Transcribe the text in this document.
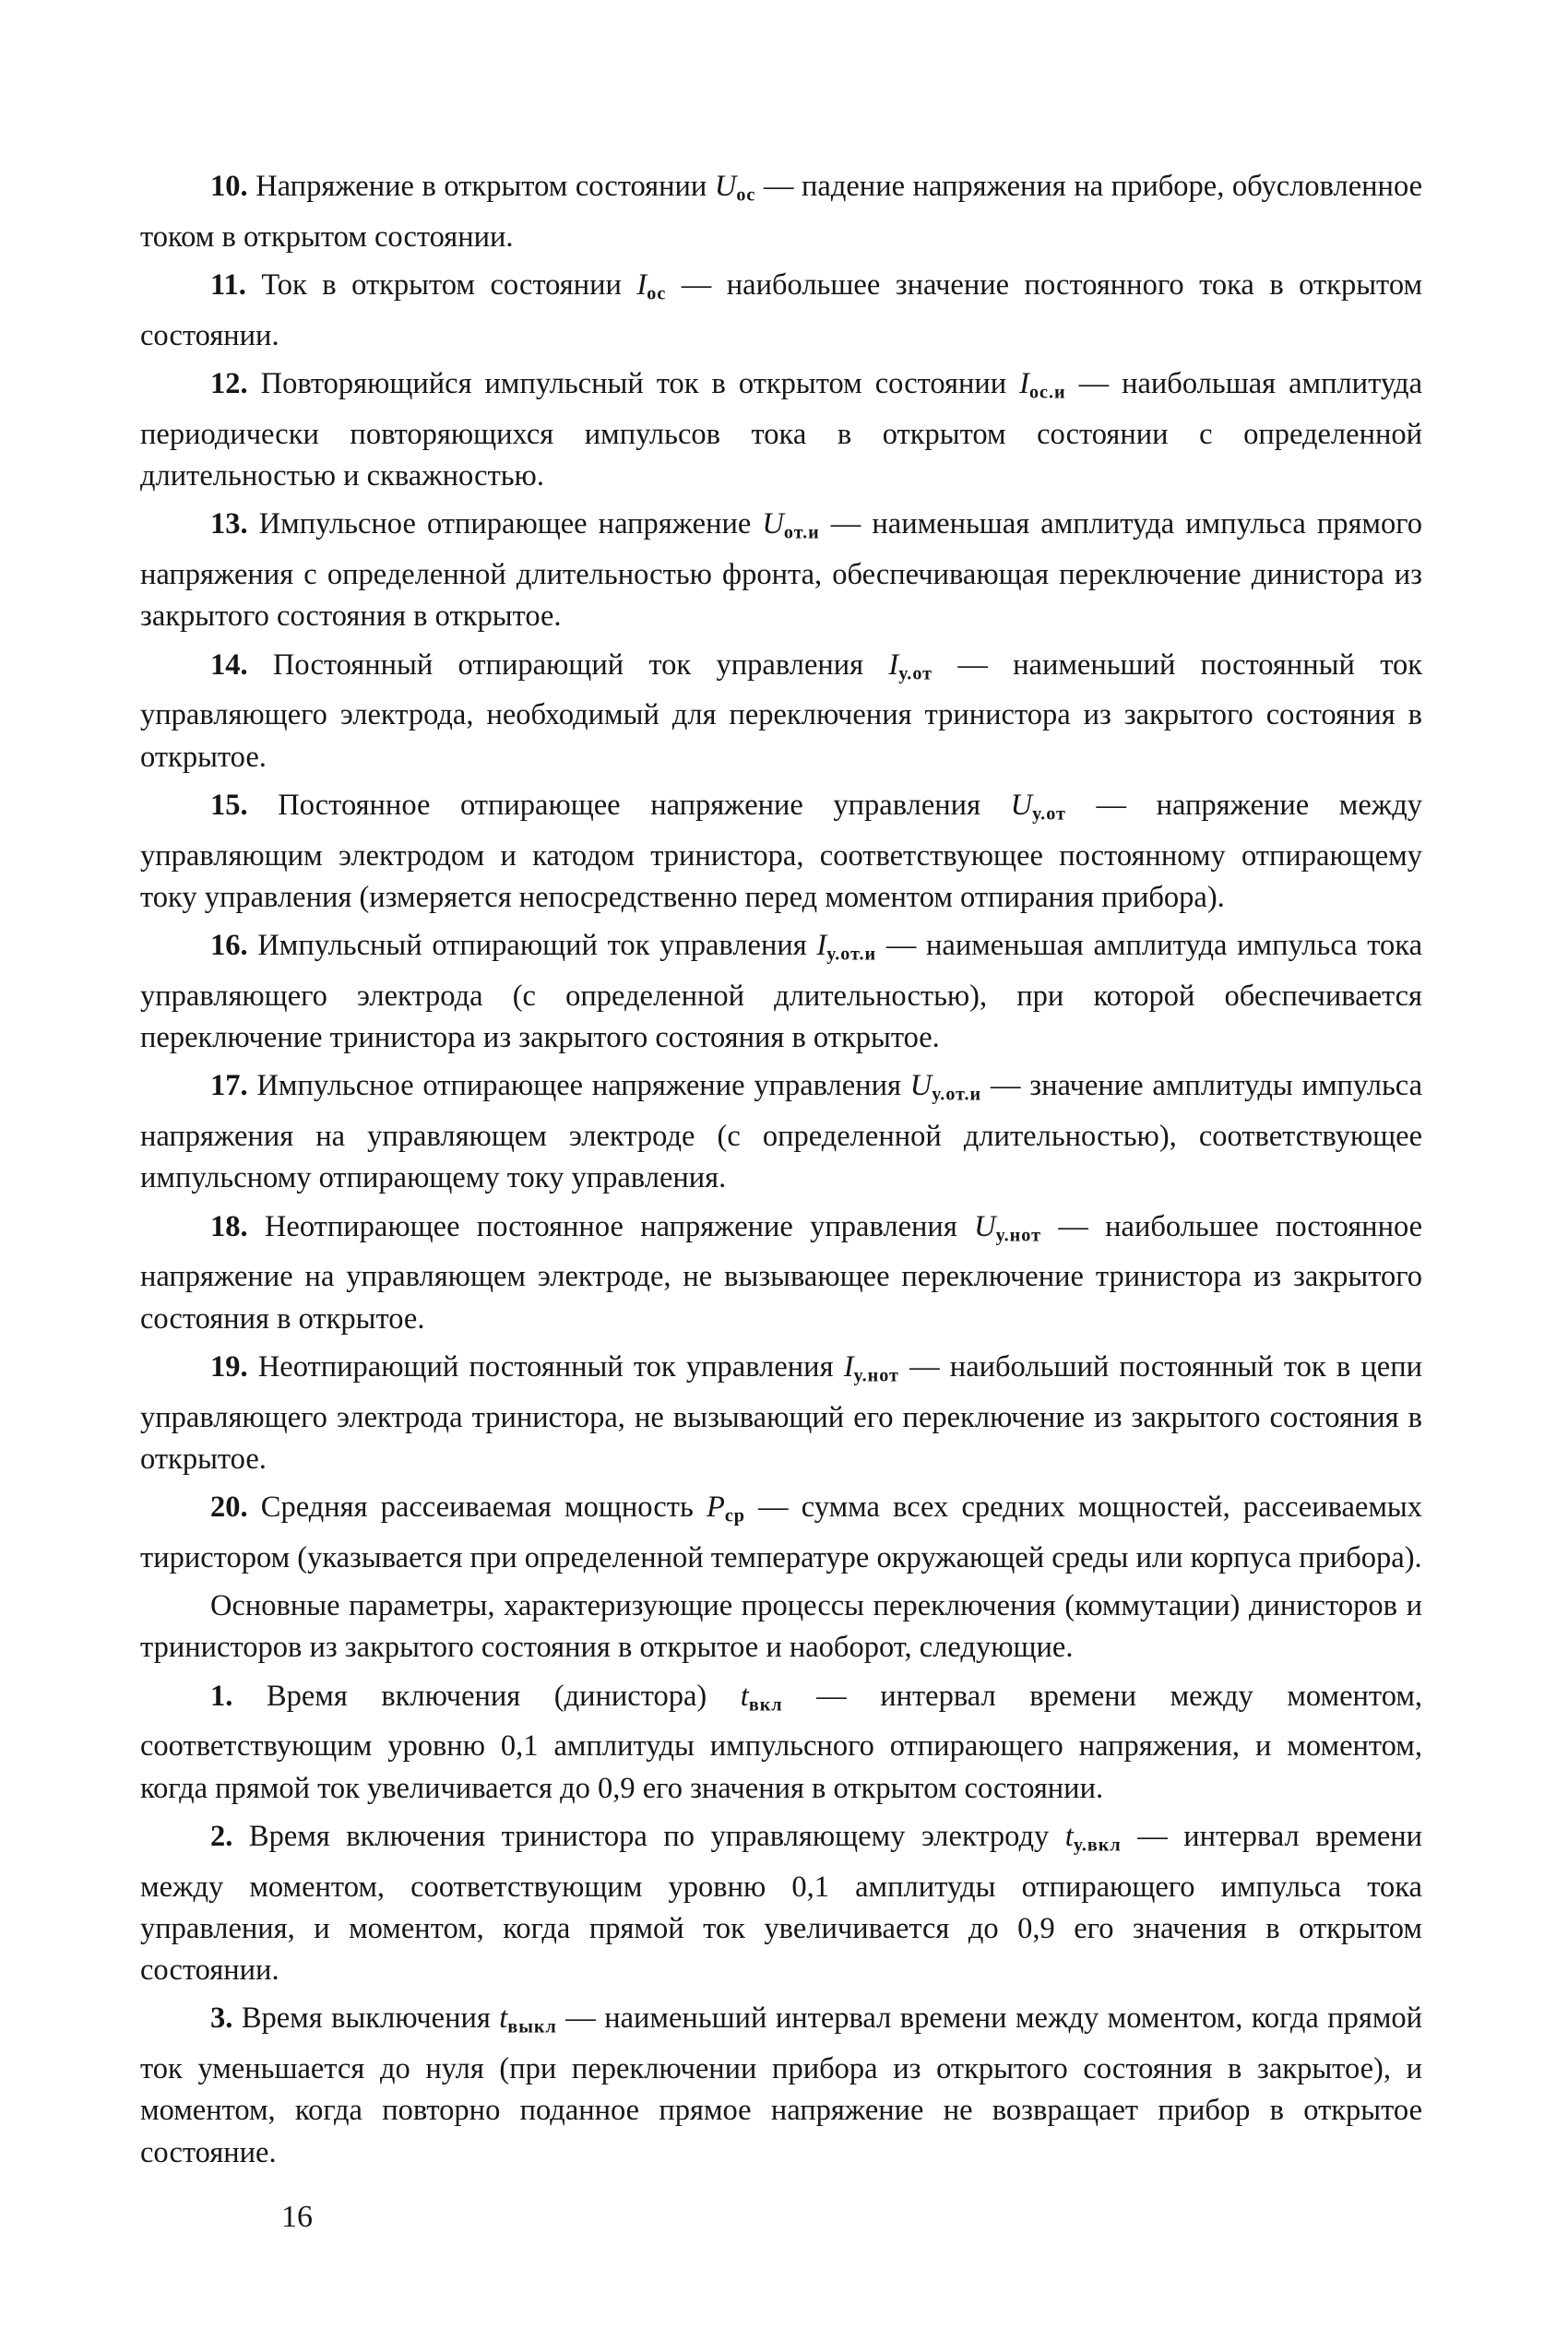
10. Напряжение в открытом состоянии $U_{oc}$ — падение напряжения на приборе, обусловленное током в открытом состоянии.

11. Ток в открытом состоянии $I_{oc}$ — наибольшее значение постоянного тока в открытом состоянии.

12. Повторяющийся импульсный ток в открытом состоянии $I_{oc.и}$ — наибольшая амплитуда периодически повторяющихся импульсов тока в открытом состоянии с определенной длительностью и скважностью.

13. Импульсное отпирающее напряжение $U_{от.и}$ — наименьшая амплитуда импульса прямого напряжения с определенной длительностью фронта, обеспечивающая переключение динистора из закрытого состояния в открытое.

14. Постоянный отпирающий ток управления $I_{у.от}$ — наименьший постоянный ток управляющего электрода, необходимый для переключения тринистора из закрытого состояния в открытое.

15. Постоянное отпирающее напряжение управления $U_{у.от}$ — напряжение между управляющим электродом и катодом тринистора, соответствующее постоянному отпирающему току управления (измеряется непосредственно перед моментом отпирания прибора).

16. Импульсный отпирающий ток управления $I_{у.от.и}$ — наименьшая амплитуда импульса тока управляющего электрода (с определенной длительностью), при которой обеспечивается переключение тринистора из закрытого состояния в открытое.

17. Импульсное отпирающее напряжение управления $U_{у.от.и}$ — значение амплитуды импульса напряжения на управляющем электроде (с определенной длительностью), соответствующее импульсному отпирающему току управления.

18. Неотпирающее постоянное напряжение управления $U_{у.нот}$ — наибольшее постоянное напряжение на управляющем электроде, не вызывающее переключение тринистора из закрытого состояния в открытое.

19. Неотпирающий постоянный ток управления $I_{у.нот}$ — наибольший постоянный ток в цепи управляющего электрода тринистора, не вызывающий его переключение из закрытого состояния в открытое.

20. Средняя рассеиваемая мощность $P_{ср}$ — сумма всех средних мощностей, рассеиваемых тиристором (указывается при определенной температуре окружающей среды или корпуса прибора).

Основные параметры, характеризующие процессы переключения (коммутации) динисторов и тринисторов из закрытого состояния в открытое и наоборот, следующие.

1. Время включения (динистора) $t_{вкл}$ — интервал времени между моментом, соответствующим уровню 0,1 амплитуды импульсного отпирающего напряжения, и моментом, когда прямой ток увеличивается до 0,9 его значения в открытом состоянии.

2. Время включения тринистора по управляющему электроду $t_{у.вкл}$ — интервал времени между моментом, соответствующим уровню 0,1 амплитуды отпирающего импульса тока управления, и моментом, когда прямой ток увеличивается до 0,9 его значения в открытом состоянии.

3. Время выключения $t_{выкл}$ — наименьший интервал времени между моментом, когда прямой ток уменьшается до нуля (при переключении прибора из открытого состояния в закрытое), и моментом, когда повторно поданное прямое напряжение не возвращает прибор в открытое состояние.

16
